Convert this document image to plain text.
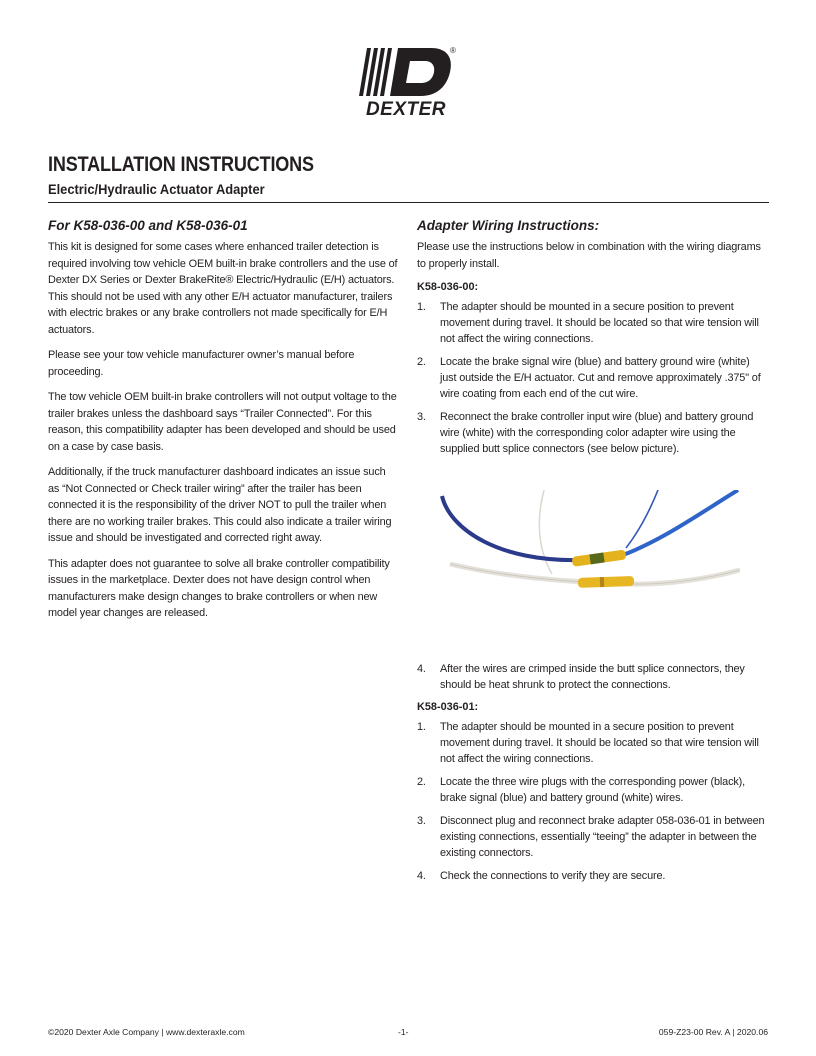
®
DEXTER
INSTALLATION INSTRUCTIONS
Electric/Hydraulic Actuator Adapter
For K58-036-00 and K58-036-01

This kit is designed for some cases where enhanced trailer detection is required involving tow vehicle OEM built-in brake controllers and the use of Dexter DX Series or Dexter BrakeRite® Electric/Hydraulic (E/H) actuators. This should not be used with any other E/H actuator manufacturer, trailers with electric brakes or any brake controllers not made specifically for E/H actuators.

Please see your tow vehicle manufacturer owner’s manual before proceeding.

The tow vehicle OEM built-in brake controllers will not output voltage to the trailer brakes unless the dashboard says “Trailer Connected”. For this reason, this compatibility adapter has been developed and should be used on a case by case basis.

Additionally, if the truck manufacturer dashboard indicates an issue such as “Not Connected or Check trailer wiring” after the trailer has been connected it is the responsibility of the driver NOT to pull the trailer when there are no working trailer brakes. This could also indicate a trailer wiring issue and should be investigated and corrected right away.

This adapter does not guarantee to solve all brake controller compatibility issues in the marketplace. Dexter does not have design control when manufacturers make design changes to brake controllers or when new model year changes are released.

Adapter Wiring Instructions:

Please use the instructions below in combination with the wiring diagrams to properly install.

K58-036-00:
1. The adapter should be mounted in a secure position to prevent movement during travel. It should be located so that wire tension will not affect the wiring connections.
2. Locate the brake signal wire (blue) and battery ground wire (white) just outside the E/H actuator. Cut and remove approximately .375" of wire coating from each end of the cut wire.
3. Reconnect the brake controller input wire (blue) and battery ground wire (white) with the corresponding color adapter wire using the supplied butt splice connectors (see below picture).
4. After the wires are crimped inside the butt splice connectors, they should be heat shrunk to protect the connections.
K58-036-01:
1. The adapter should be mounted in a secure position to prevent movement during travel. It should be located so that wire tension will not affect the wiring connections.
2. Locate the three wire plugs with the corresponding power (black), brake signal (blue) and battery ground (white) wires.
3. Disconnect plug and reconnect brake adapter 058-036-01 in between existing connections, essentially “teeing” the adapter in between the existing connectors.
4. Check the connections to verify they are secure.
©2020 Dexter Axle Company | www.dexteraxle.com	-1-	059-Z23-00 Rev. A | 2020.06
